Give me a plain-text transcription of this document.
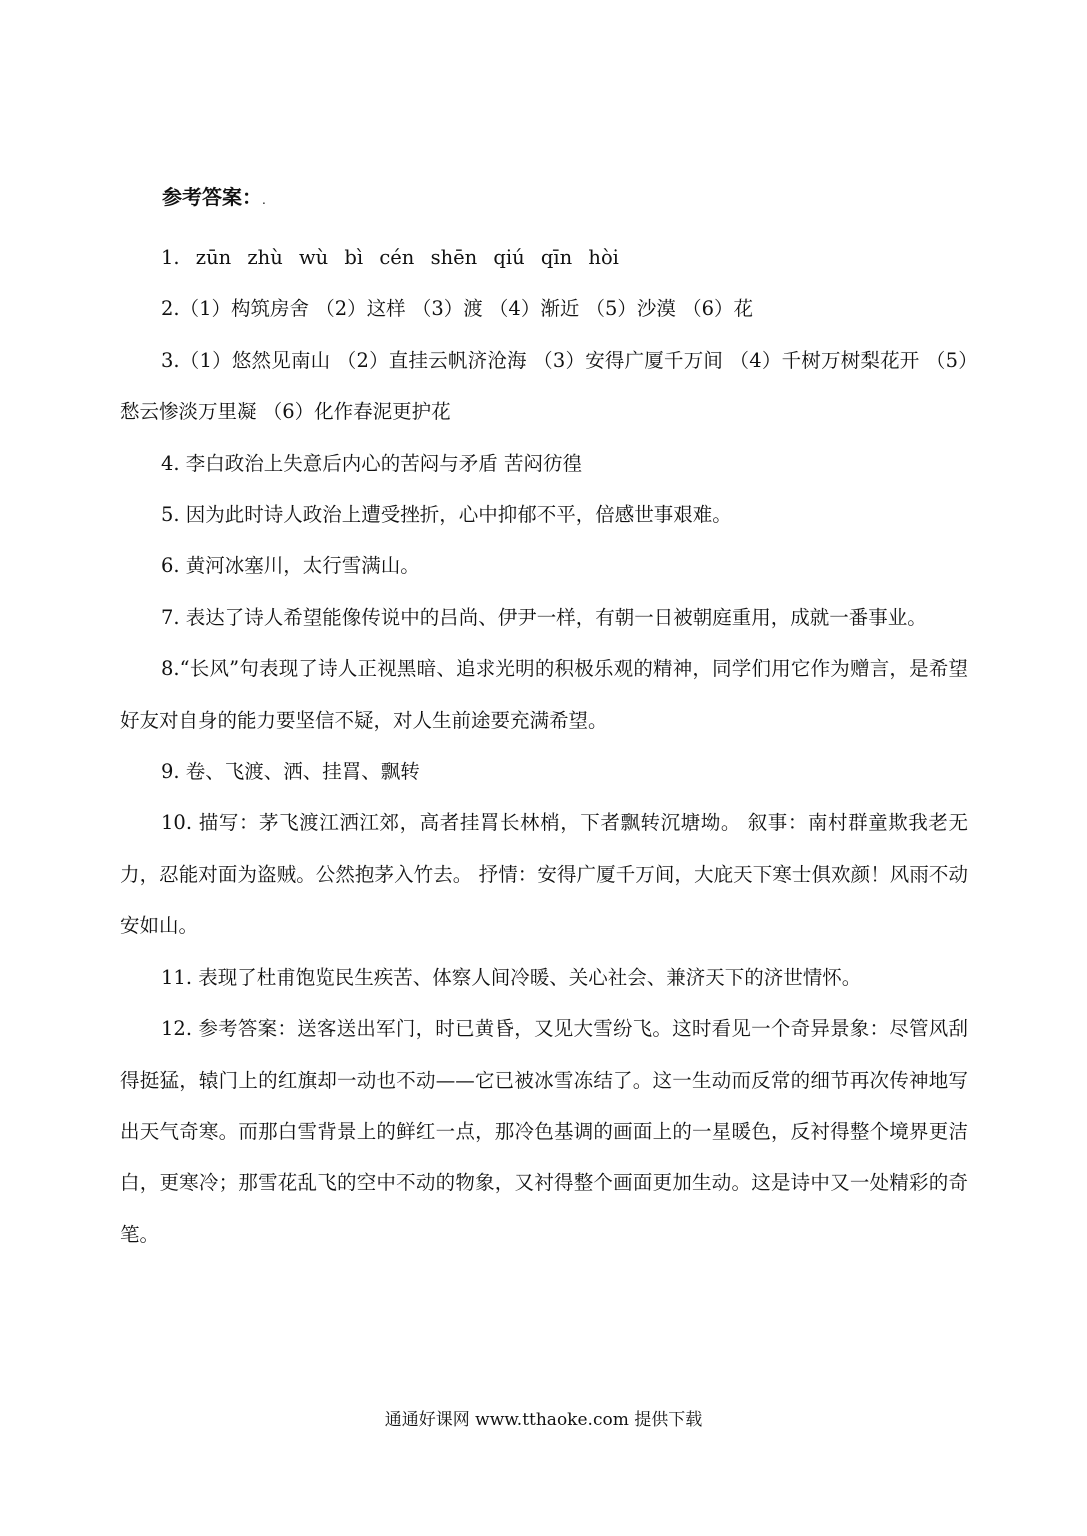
参考答案：.

1. zūn zhù wù bì cén shēn qiú qīn hòi

2.（1）构筑房舍 （2）这样 （3）渡 （4）渐近 （5）沙漠 （6）花

3.（1）悠然见南山 （2）直挂云帆济沧海 （3）安得广厦千万间 （4）千树万树梨花开 （5）愁云惨淡万里凝 （6）化作春泥更护花

4. 李白政治上失意后内心的苦闷与矛盾 苦闷彷徨

5. 因为此时诗人政治上遭受挫折，心中抑郁不平，倍感世事艰难。

6. 黄河冰塞川，太行雪满山。

7. 表达了诗人希望能像传说中的吕尚、伊尹一样，有朝一日被朝庭重用，成就一番事业。

8.“长风”句表现了诗人正视黑暗、追求光明的积极乐观的精神，同学们用它作为赠言，是希望好友对自身的能力要坚信不疑，对人生前途要充满希望。

9. 卷、飞渡、洒、挂罥、飘转

10. 描写：茅飞渡江洒江郊，高者挂罥长林梢，下者飘转沉塘坳。 叙事：南村群童欺我老无力，忍能对面为盗贼。公然抱茅入竹去。 抒情：安得广厦千万间，大庇天下寒士俱欢颜！风雨不动安如山。

11. 表现了杜甫饱览民生疾苦、体察人间冷暖、关心社会、兼济天下的济世情怀。

12. 参考答案：送客送出军门，时已黄昏，又见大雪纷飞。这时看见一个奇异景象：尽管风刮得挺猛，辕门上的红旗却一动也不动——它已被冰雪冻结了。这一生动而反常的细节再次传神地写出天气奇寒。而那白雪背景上的鲜红一点，那冷色基调的画面上的一星暖色，反衬得整个境界更洁白，更寒冷；那雪花乱飞的空中不动的物象，又衬得整个画面更加生动。这是诗中又一处精彩的奇笔。

通通好课网 www.tthaoke.com 提供下载
